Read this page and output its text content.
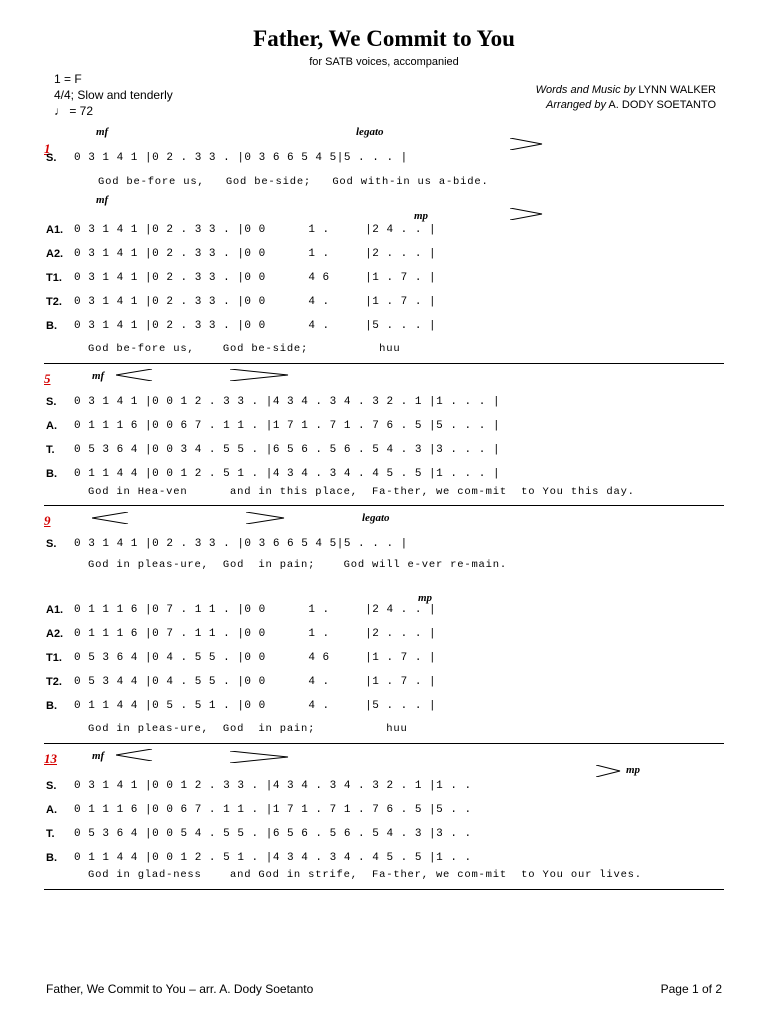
Father, We Commit to You
for SATB voices, accompanied
1 = F
4/4; Slow and tenderly
♩ = 72
Words and Music by LYNN WALKER
Arranged by A. DODY SOETANTO
1
mf	legato
S. 0 3 1 4 1 |0 2 . 3 3 . |0 3 6 6 5 4 5|5 . . . |
God be-fore us,   God be-side;   God with-in us a-bide.
mf
mp
A1. 0 3 1 4 1 |0 2 . 3 3 . |0 0      1 .     |2 4 . . |
A2. 0 3 1 4 1 |0 2 . 3 3 . |0 0      1 .     |2 . . . |
T1. 0 3 1 4 1 |0 2 . 3 3 . |0 0      4 6     |1 . 7 . |
T2. 0 3 1 4 1 |0 2 . 3 3 . |0 0      4 .     |1 . 7 . |
B. 0 3 1 4 1 |0 2 . 3 3 . |0 0      4 .     |5 . . . |
God be-fore us,    God be-side;          huu
5	mf
S. 0 3 1 4 1 |0 0 1 2 . 3 3 . |4 3 4 . 3 4 . 3 2 . 1 |1 . . . |
A. 0 1 1 1 6 |0 0 6 7 . 1 1 . |1 7 1 . 7 1 . 7 6 . 5 |5 . . . |
T. 0 5 3 6 4 |0 0 3 4 . 5 5 . |6 5 6 . 5 6 . 5 4 . 3 |3 . . . |
B. 0 1 1 4 4 |0 0 1 2 . 5 1 . |4 3 4 . 3 4 . 4 5 . 5 |1 . . . |
God in Hea-ven      and in this place,  Fa-ther, we com-mit  to You this day.
9	legato
S. 0 3 1 4 1 |0 2 . 3 3 . |0 3 6 6 5 4 5|5 . . . |
God in pleas-ure,  God  in pain;    God will e-ver re-main.
mp
A1. 0 1 1 1 6 |0 7 . 1 1 . |0 0      1 .     |2 4 . . |
A2. 0 1 1 1 6 |0 7 . 1 1 . |0 0      1 .     |2 . . . |
T1. 0 5 3 6 4 |0 4 . 5 5 . |0 0      4 6     |1 . 7 . |
T2. 0 5 3 4 4 |0 4 . 5 5 . |0 0      4 .     |1 . 7 . |
B. 0 1 1 4 4 |0 5 . 5 1 . |0 0      4 .     |5 . . . |
God in pleas-ure,  God  in pain;          huu
13	mf
mp
S. 0 3 1 4 1 |0 0 1 2 . 3 3 . |4 3 4 . 3 4 . 3 2 . 1 |1 . .
A. 0 1 1 1 6 |0 0 6 7 . 1 1 . |1 7 1 . 7 1 . 7 6 . 5 |5 . .
T. 0 5 3 6 4 |0 0 5 4 . 5 5 . |6 5 6 . 5 6 . 5 4 . 3 |3 . .
B. 0 1 1 4 4 |0 0 1 2 . 5 1 . |4 3 4 . 3 4 . 4 5 . 5 |1 . .
God in glad-ness    and God in strife,  Fa-ther, we com-mit  to You our lives.
Father, We Commit to You – arr. A. Dody Soetanto	Page 1 of 2
